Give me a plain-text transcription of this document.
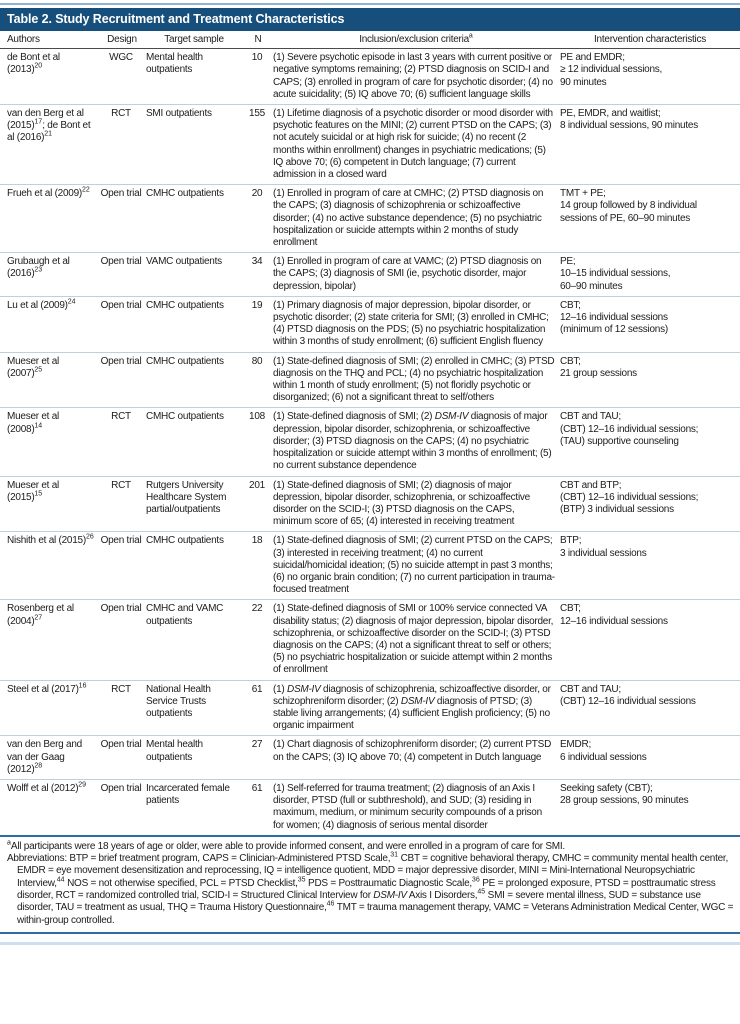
Table 2. Study Recruitment and Treatment Characteristics
Authors	Design	Target sample	N	Inclusion/exclusion criteria$^a$	Intervention characteristics
de Bont et al $(2013)^{20}$	WGC	Mental health outpatients	10	(1) Severe psychotic episode in last 3 years with current positive or negative symptoms remaining; (2) PTSD diagnosis on SCID-I and CAPS; (3) enrolled in program of care for psychotic disorder; (4) no acute suicidality; (5) IQ above 70; (6) sufficient language skills	PE and EMDR;
≥ 12 individual sessions,
90 minutes
van den Berg et al $(2015)^{17}$; de Bont et al $(2016)^{21}$	RCT	SMI outpatients	155	(1) Lifetime diagnosis of a psychotic disorder or mood disorder with psychotic features on the MINI; (2) current PTSD on the CAPS; (3) not acutely suicidal or at high risk for suicide; (4) no recent (2 months within enrollment) changes in psychiatric medications; (5) IQ above 70; (6) competent in Dutch language; (7) current admission in a closed ward	PE, EMDR, and waitlist;
8 individual sessions, 90 minutes
Frueh et al $(2009)^{22}$	Open trial	CMHC outpatients	20	(1) Enrolled in program of care at CMHC; (2) PTSD diagnosis on the CAPS; (3) diagnosis of schizophrenia or schizoaffective disorder; (4) no active substance dependence; (5) no psychiatric hospitalization or suicide attempts within 2 months of study enrollment	TMT + PE;
14 group followed by 8 individual
sessions of PE, 60–90 minutes
Grubaugh et al $(2016)^{23}$	Open trial	VAMC outpatients	34	(1) Enrolled in program of care at VAMC; (2) PTSD diagnosis on the CAPS; (3) diagnosis of SMI (ie, psychotic disorder, major depression, bipolar)	PE;
10–15 individual sessions,
60–90 minutes
Lu et al $(2009)^{24}$	Open trial	CMHC outpatients	19	(1) Primary diagnosis of major depression, bipolar disorder, or psychotic disorder; (2) state criteria for SMI; (3) enrolled in CMHC; (4) PTSD diagnosis on the PDS; (5) no psychiatric hospitalization within 3 months of study enrollment; (6) sufficient English fluency	CBT;
12–16 individual sessions
(minimum of 12 sessions)
Mueser et al $(2007)^{25}$	Open trial	CMHC outpatients	80	(1) State-defined diagnosis of SMI; (2) enrolled in CMHC; (3) PTSD diagnosis on the THQ and PCL; (4) no psychiatric hospitalization within 1 month of study enrollment; (5) not floridly psychotic or disorganized; (6) not a significant threat to self/others	CBT;
21 group sessions
Mueser et al $(2008)^{14}$	RCT	CMHC outpatients	108	(1) State-defined diagnosis of SMI; (2) DSM-IV diagnosis of major depression, bipolar disorder, schizophrenia, or schizoaffective disorder; (3) PTSD diagnosis on the CAPS; (4) no psychiatric hospitalization or suicide attempt within 3 months of enrollment; (5) no current substance dependence	CBT and TAU;
(CBT) 12–16 individual sessions;
(TAU) supportive counseling
Mueser et al $(2015)^{15}$	RCT	Rutgers University Healthcare System partial/outpatients	201	(1) State-defined diagnosis of SMI; (2) diagnosis of major depression, bipolar disorder, schizophrenia, or schizoaffective disorder on the SCID-I; (3) PTSD diagnosis on the CAPS, minimum score of 65; (4) interested in receiving treatment	CBT and BTP;
(CBT) 12–16 individual sessions;
(BTP) 3 individual sessions
Nishith et al $(2015)^{26}$	Open trial	CMHC outpatients	18	(1) State-defined diagnosis of SMI; (2) current PTSD on the CAPS; (3) interested in receiving treatment; (4) no current suicidal/homicidal ideation; (5) no suicide attempt in past 3 months; (6) no organic brain condition; (7) no current participation in trauma-focused treatment	BTP;
3 individual sessions
Rosenberg et al $(2004)^{27}$	Open trial	CMHC and VAMC outpatients	22	(1) State-defined diagnosis of SMI or 100% service connected VA disability status; (2) diagnosis of major depression, bipolar disorder, schizophrenia, or schizoaffective disorder on the SCID-I; (3) PTSD diagnosis on the CAPS; (4) not a significant threat to self or others; (5) no psychiatric hospitalization or suicide attempt within 2 months of enrollment	CBT;
12–16 individual sessions
Steel et al $(2017)^{16}$	RCT	National Health Service Trusts outpatients	61	(1) DSM-IV diagnosis of schizophrenia, schizoaffective disorder, or schizophreniform disorder; (2) DSM-IV diagnosis of PTSD; (3) stable living arrangements; (4) sufficient English proficiency; (5) no organic impairment	CBT and TAU;
(CBT) 12–16 individual sessions
van den Berg and van der Gaag $(2012)^{28}$	Open trial	Mental health outpatients	27	(1) Chart diagnosis of schizophreniform disorder; (2) current PTSD on the CAPS; (3) IQ above 70; (4) competent in Dutch language	EMDR;
6 individual sessions
Wolff et al $(2012)^{29}$	Open trial	Incarcerated female patients	61	(1) Self-referred for trauma treatment; (2) diagnosis of an Axis I disorder, PTSD (full or subthreshold), and SUD; (3) residing in maximum, medium, or minimum security compounds of a prison for women; (4) diagnosis of serious mental disorder	Seeking safety (CBT);
28 group sessions, 90 minutes

$^a$All participants were 18 years of age or older, were able to provide informed consent, and were enrolled in a program of care for SMI.

Abbreviations: BTP = brief treatment program, CAPS = Clinician-Administered PTSD Scale,$^{31}$ CBT = cognitive behavioral therapy, CMHC = community mental health center, EMDR = eye movement desensitization and reprocessing, IQ = intelligence quotient, MDD = major depressive disorder, MINI = Mini-International Neuropsychiatric Interview,$^{44}$ NOS = not otherwise specified, PCL = PTSD Checklist,$^{35}$ PDS = Posttraumatic Diagnostic Scale,$^{36}$ PE = prolonged exposure, PTSD = posttraumatic stress disorder, RCT = randomized controlled trial, SCID-I = Structured Clinical Interview for DSM-IV Axis I Disorders,$^{45}$ SMI = severe mental illness, SUD = substance use disorder, TAU = treatment as usual, THQ = Trauma History Questionnaire,$^{46}$ TMT = trauma management therapy, VAMC = Veterans Administration Medical Center, WGC = within-group controlled.
